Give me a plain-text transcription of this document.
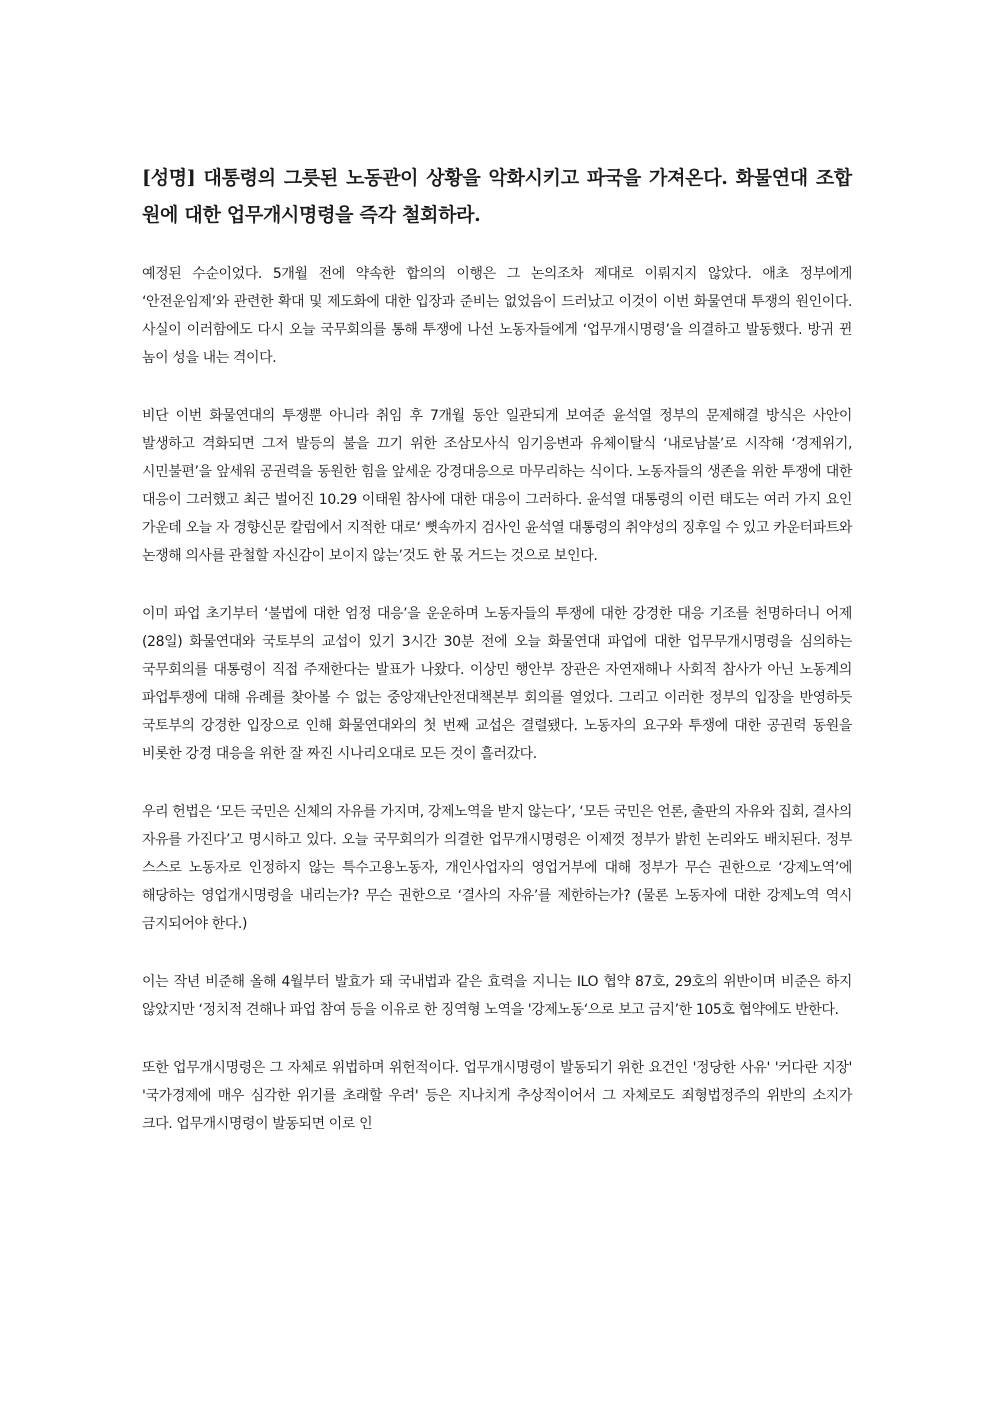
[성명] 대통령의 그릇된 노동관이 상황을 악화시키고 파국을 가져온다. 화물연대 조합원에 대한 업무개시명령을 즉각 철회하라.

예정된 수순이었다. 5개월 전에 약속한 합의의 이행은 그 논의조차 제대로 이뤄지지 않았다. 애초 정부에게 ‘안전운임제’와 관련한 확대 및 제도화에 대한 입장과 준비는 없었음이 드러났고 이것이 이번 화물연대 투쟁의 원인이다. 사실이 이러함에도 다시 오늘 국무회의를 통해 투쟁에 나선 노동자들에게 ‘업무개시명령’을 의결하고 발동했다. 방귀 뀐 놈이 성을 내는 격이다.

비단 이번 화물연대의 투쟁뿐 아니라 취임 후 7개월 동안 일관되게 보여준 윤석열 정부의 문제해결 방식은 사안이 발생하고 격화되면 그저 발등의 불을 끄기 위한 조삼모사식 임기응변과 유체이탈식 ‘내로남불’로 시작해 ‘경제위기, 시민불편’을 앞세워 공권력을 동원한 힘을 앞세운 강경대응으로 마무리하는 식이다. 노동자들의 생존을 위한 투쟁에 대한 대응이 그러했고 최근 벌어진 10.29 이태원 참사에 대한 대응이 그러하다. 윤석열 대통령의 이런 태도는 여러 가지 요인 가운데 오늘 자 경향신문 칼럼에서 지적한 대로‘ 뼛속까지 검사인 윤석열 대통령의 취약성의 징후일 수 있고 카운터파트와 논쟁해 의사를 관철할 자신감이 보이지 않는’것도 한 몫 거드는 것으로 보인다.

이미 파업 초기부터 ‘불법에 대한 엄정 대응’을 운운하며 노동자들의 투쟁에 대한 강경한 대응 기조를 천명하더니 어제(28일) 화물연대와 국토부의 교섭이 있기 3시간 30분 전에 오늘 화물연대 파업에 대한 업무무개시명령을 심의하는 국무회의를 대통령이 직접 주재한다는 발표가 나왔다. 이상민 행안부 장관은 자연재해나 사회적 참사가 아닌 노동계의 파업투쟁에 대해 유례를 찾아볼 수 없는 중앙재난안전대책본부 회의를 열었다. 그리고 이러한 정부의 입장을 반영하듯 국토부의 강경한 입장으로 인해 화물연대와의 첫 번째 교섭은 결렬됐다. 노동자의 요구와 투쟁에 대한 공권력 동원을 비롯한 강경 대응을 위한 잘 짜진 시나리오대로 모든 것이 흘러갔다.

우리 헌법은 ‘모든 국민은 신체의 자유를 가지며, 강제노역을 받지 않는다’, ‘모든 국민은 언론, 출판의 자유와 집회, 결사의 자유를 가진다’고 명시하고 있다. 오늘 국무회의가 의결한 업무개시명령은 이제껏 정부가 밝힌 논리와도 배치된다. 정부 스스로 노동자로 인정하지 않는 특수고용노동자, 개인사업자의 영업거부에 대해 정부가 무슨 권한으로 ‘강제노역’에 해당하는 영업개시명령을 내리는가? 무슨 권한으로 ‘결사의 자유’를 제한하는가? (물론 노동자에 대한 강제노역 역시 금지되어야 한다.)

이는 작년 비준해 올해 4월부터 발효가 돼 국내법과 같은 효력을 지니는 ILO 협약 87호, 29호의 위반이며 비준은 하지 않았지만 ‘정치적 견해나 파업 참여 등을 이유로 한 징역형 노역을 '강제노동‘으로 보고 금지’한 105호 협약에도 반한다.

또한 업무개시명령은 그 자체로 위법하며 위헌적이다. 업무개시명령이 발동되기 위한 요건인 '정당한 사유' '커다란 지장' '국가경제에 매우 심각한 위기를 초래할 우려' 등은 지나치게 추상적이어서 그 자체로도 죄형법정주의 위반의 소지가 크다. 업무개시명령이 발동되면 이로 인
